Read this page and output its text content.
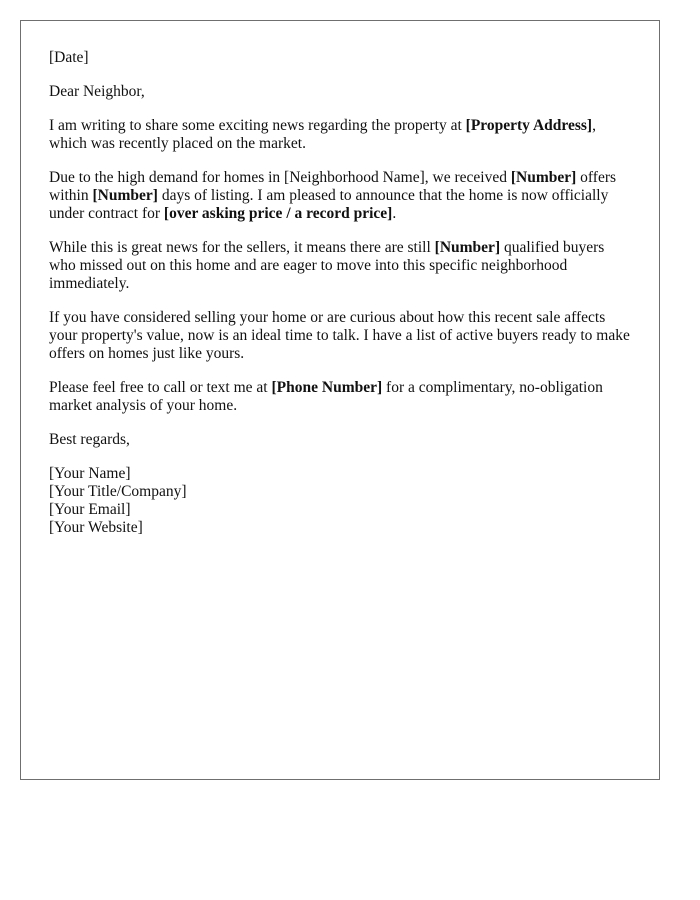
[Date]

Dear Neighbor,

I am writing to share some exciting news regarding the property at [Property Address], which was recently placed on the market.

Due to the high demand for homes in [Neighborhood Name], we received [Number] offers within [Number] days of listing. I am pleased to announce that the home is now officially under contract for [over asking price / a record price].

While this is great news for the sellers, it means there are still [Number] qualified buyers who missed out on this home and are eager to move into this specific neighborhood immediately.

If you have considered selling your home or are curious about how this recent sale affects your property's value, now is an ideal time to talk. I have a list of active buyers ready to make offers on homes just like yours.

Please feel free to call or text me at [Phone Number] for a complimentary, no-obligation market analysis of your home.

Best regards,

[Your Name]
[Your Title/Company]
[Your Email]
[Your Website]
